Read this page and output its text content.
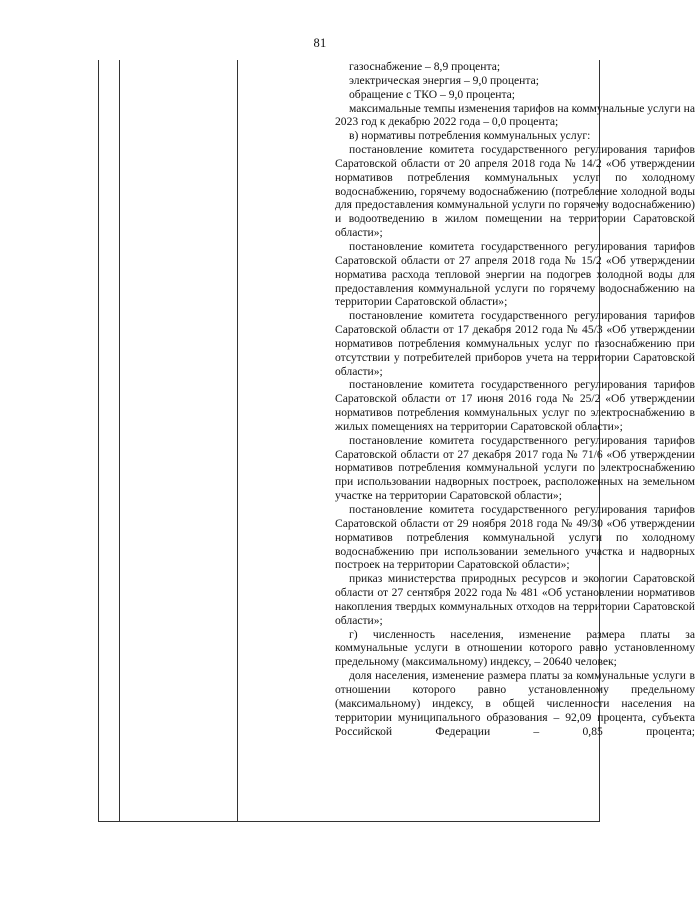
81

газоснабжение – 8,9 процента;

электрическая энергия – 9,0 процента;

обращение с ТКО – 9,0 процента;

максимальные темпы изменения тарифов на коммунальные услуги на 2023 год к декабрю 2022 года – 0,0 процента;

в) нормативы потребления коммунальных услуг:

постановление комитета государственного регулирования тарифов Саратовской области от 20 апреля 2018 года № 14/2 «Об утверждении нормативов потребления коммунальных услуг по холодному водоснабжению, горячему водоснабжению (потребление холодной воды для предоставления коммунальной услуги по горячему водоснабжению) и водоотведению в жилом помещении на территории Саратовской области»;

постановление комитета государственного регулирования тарифов Саратовской области от 27 апреля 2018 года № 15/2 «Об утверждении норматива расхода тепловой энергии на подогрев холодной воды для предоставления коммунальной услуги по горячему водоснабжению на территории Саратовской области»;

постановление комитета государственного регулирования тарифов Саратовской области от 17 декабря 2012 года № 45/3 «Об утверждении нормативов потребления коммунальных услуг по газоснабжению при отсутствии у потребителей приборов учета на территории Саратовской области»;

постановление комитета государственного регулирования тарифов Саратовской области от 17 июня 2016 года № 25/2 «Об утверждении нормативов потребления коммунальных услуг по электроснабжению в жилых помещениях на территории Саратовской области»;

постановление комитета государственного регулирования тарифов Саратовской области от 27 декабря 2017 года № 71/6 «Об утверждении нормативов потребления коммунальной услуги по электроснабжению при использовании надворных построек, расположенных на земельном участке на территории Саратовской области»;

постановление комитета государственного регулирования тарифов Саратовской области от 29 ноября 2018 года № 49/30 «Об утверждении нормативов потребления коммунальной услуги по холодному водоснабжению при использовании земельного участка и надворных построек на территории Саратовской области»;

приказ министерства природных ресурсов и экологии Саратовской области от 27 сентября 2022 года № 481 «Об установлении нормативов накопления твердых коммунальных отходов на территории Саратовской области»;

г) численность населения, изменение размера платы за коммунальные услуги в отношении которого равно установленному предельному (максимальному) индексу, – 20640 человек;

доля населения, изменение размера платы за коммунальные услуги в отношении которого равно установленному предельному (максимальному) индексу, в общей численности населения на территории муниципального образования – 92,09 процента, субъекта Российской Федерации – 0,85 процента;
